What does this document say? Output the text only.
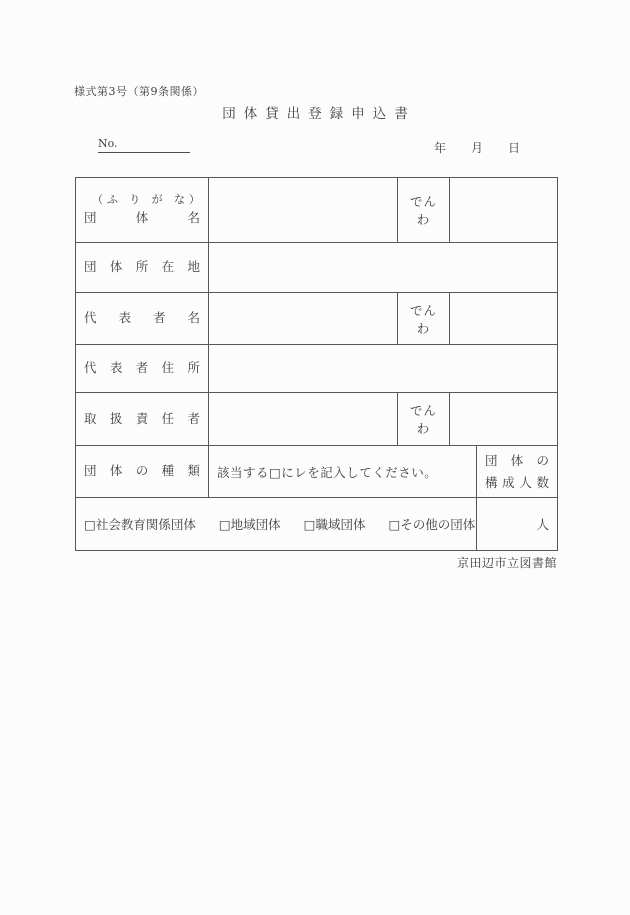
様式第3号（第9条関係）
団体貸出登録申込書
No.	年 月 日
（ふ り が な）
団 体 名		でんわ		

団 体 所 在 地				

代 表 者 名		でんわ		

代 表 者 住 所				

取 扱 責 任 者		でんわ		

団 体 の 種 類	該当する□にレを記入してください。			団 体 の
構 成 人 数

□ 社会教育関係団体 □ 地域団体 □ 職域団体 □ その他の団体	人
京田辺市立図書館
